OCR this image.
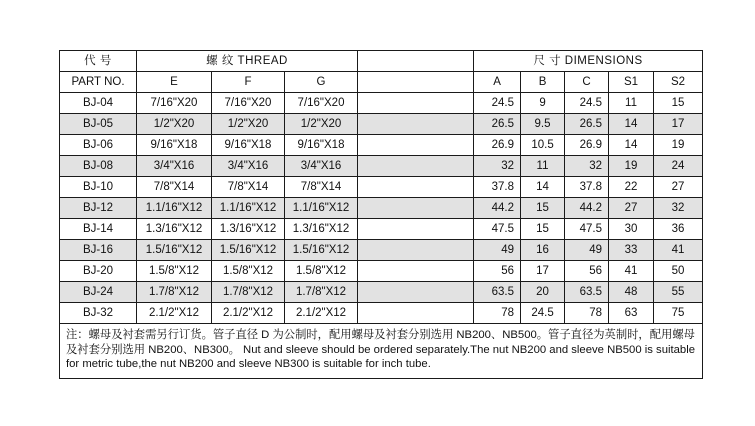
代 号	螺 纹 THREAD				尺 寸 DIMENSIONS				
PART NO.	E	F	G		A	B	C	S1	S2
BJ-04	7/16"X20	7/16"X20	7/16"X20		24.5	9	24.5	11	15
BJ-05	1/2"X20	1/2"X20	1/2"X20		26.5	9.5	26.5	14	17
BJ-06	9/16"X18	9/16"X18	9/16"X18		26.9	10.5	26.9	14	19
BJ-08	3/4"X16	3/4"X16	3/4"X16		32	11	32	19	24
BJ-10	7/8"X14	7/8"X14	7/8"X14		37.8	14	37.8	22	27
BJ-12	1.1/16"X12	1.1/16"X12	1.1/16"X12		44.2	15	44.2	27	32
BJ-14	1.3/16"X12	1.3/16"X12	1.3/16"X12		47.5	15	47.5	30	36
BJ-16	1.5/16"X12	1.5/16"X12	1.5/16"X12		49	16	49	33	41
BJ-20	1.5/8"X12	1.5/8"X12	1.5/8"X12		56	17	56	41	50
BJ-24	1.7/8"X12	1.7/8"X12	1.7/8"X12		63.5	20	63.5	48	55
BJ-32	2.1/2"X12	2.1/2"X12	2.1/2"X12		78	24.5	78	63	75
注：螺母及衬套需另行订货。管子直径 D 为公制时，配用螺母及衬套分别选用 NB200、NB500。管子直径为英制时，配用螺母及衬套分别选用 NB200、NB300。 Nut and sleeve should be ordered separately.The nut NB200 and sleeve NB500 is suitable for metric tube,the nut NB200 and sleeve NB300 is suitable for inch tube.									
